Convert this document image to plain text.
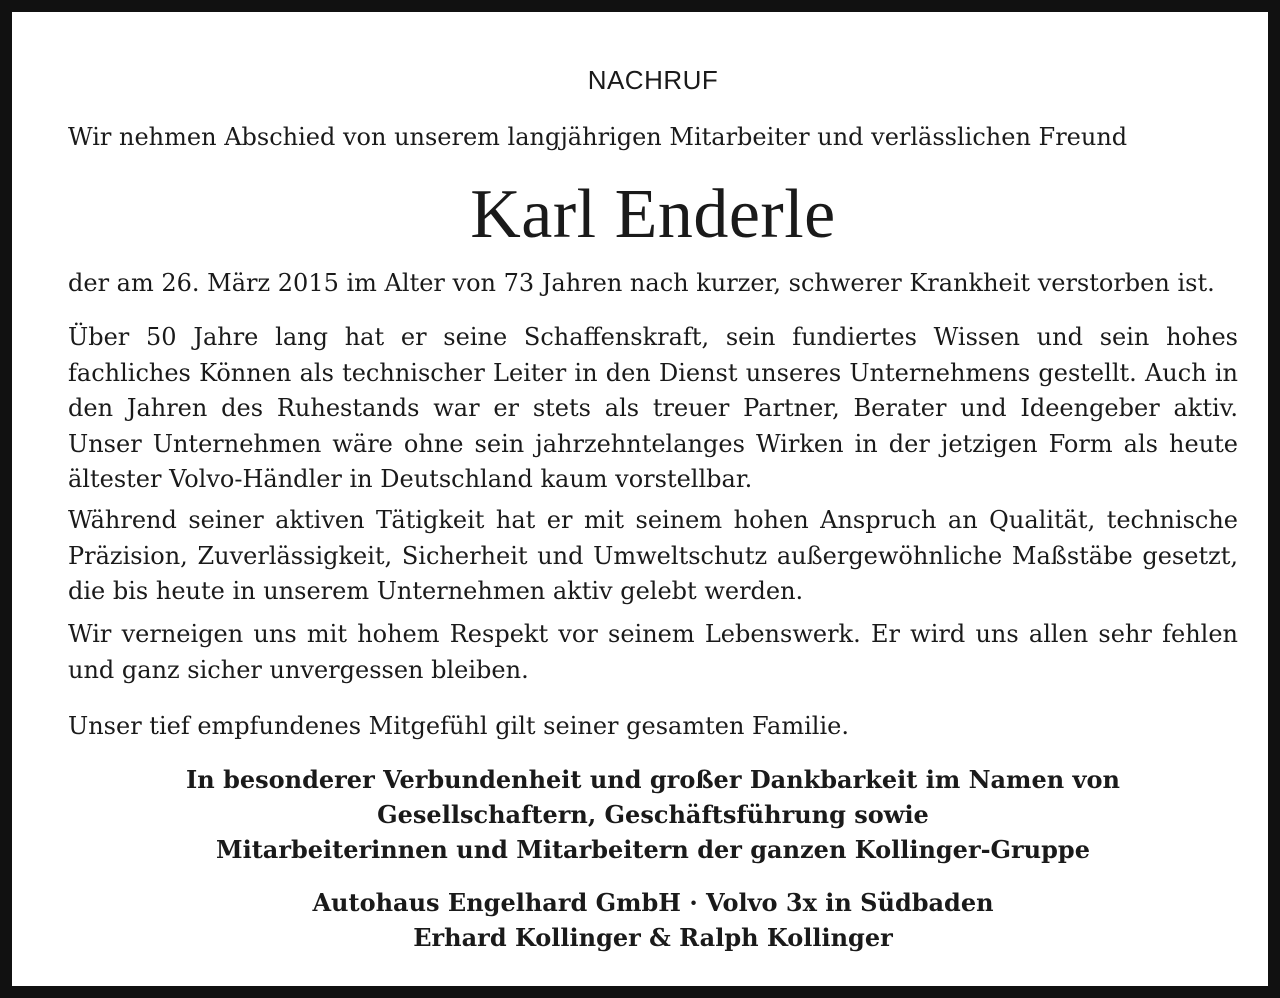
NACHRUF
Wir nehmen Abschied von unserem langjährigen Mitarbeiter und verlässlichen Freund
Karl Enderle
der am 26. März 2015 im Alter von 73 Jahren nach kurzer, schwerer Krankheit verstorben ist.
Über 50 Jahre lang hat er seine Schaffenskraft, sein fundiertes Wissen und sein hohes fachliches Können als technischer Leiter in den Dienst unseres Unternehmens gestellt. Auch in den Jahren des Ruhestands war er stets als treuer Partner, Berater und Ideengeber aktiv. Unser Unternehmen wäre ohne sein jahrzehntelanges Wirken in der jetzigen Form als heute ältester Volvo-Händler in Deutschland kaum vorstellbar.
Während seiner aktiven Tätigkeit hat er mit seinem hohen Anspruch an Qualität, technische Präzision, Zuverlässigkeit, Sicherheit und Umweltschutz außergewöhnliche Maßstäbe gesetzt, die bis heute in unserem Unternehmen aktiv gelebt werden.
Wir verneigen uns mit hohem Respekt vor seinem Lebenswerk. Er wird uns allen sehr fehlen und ganz sicher unvergessen bleiben.
Unser tief empfundenes Mitgefühl gilt seiner gesamten Familie.
In besonderer Verbundenheit und großer Dankbarkeit im Namen von
Gesellschaftern, Geschäftsführung sowie
Mitarbeiterinnen und Mitarbeitern der ganzen Kollinger-Gruppe
Autohaus Engelhard GmbH · Volvo 3x in Südbaden
Erhard Kollinger & Ralph Kollinger
